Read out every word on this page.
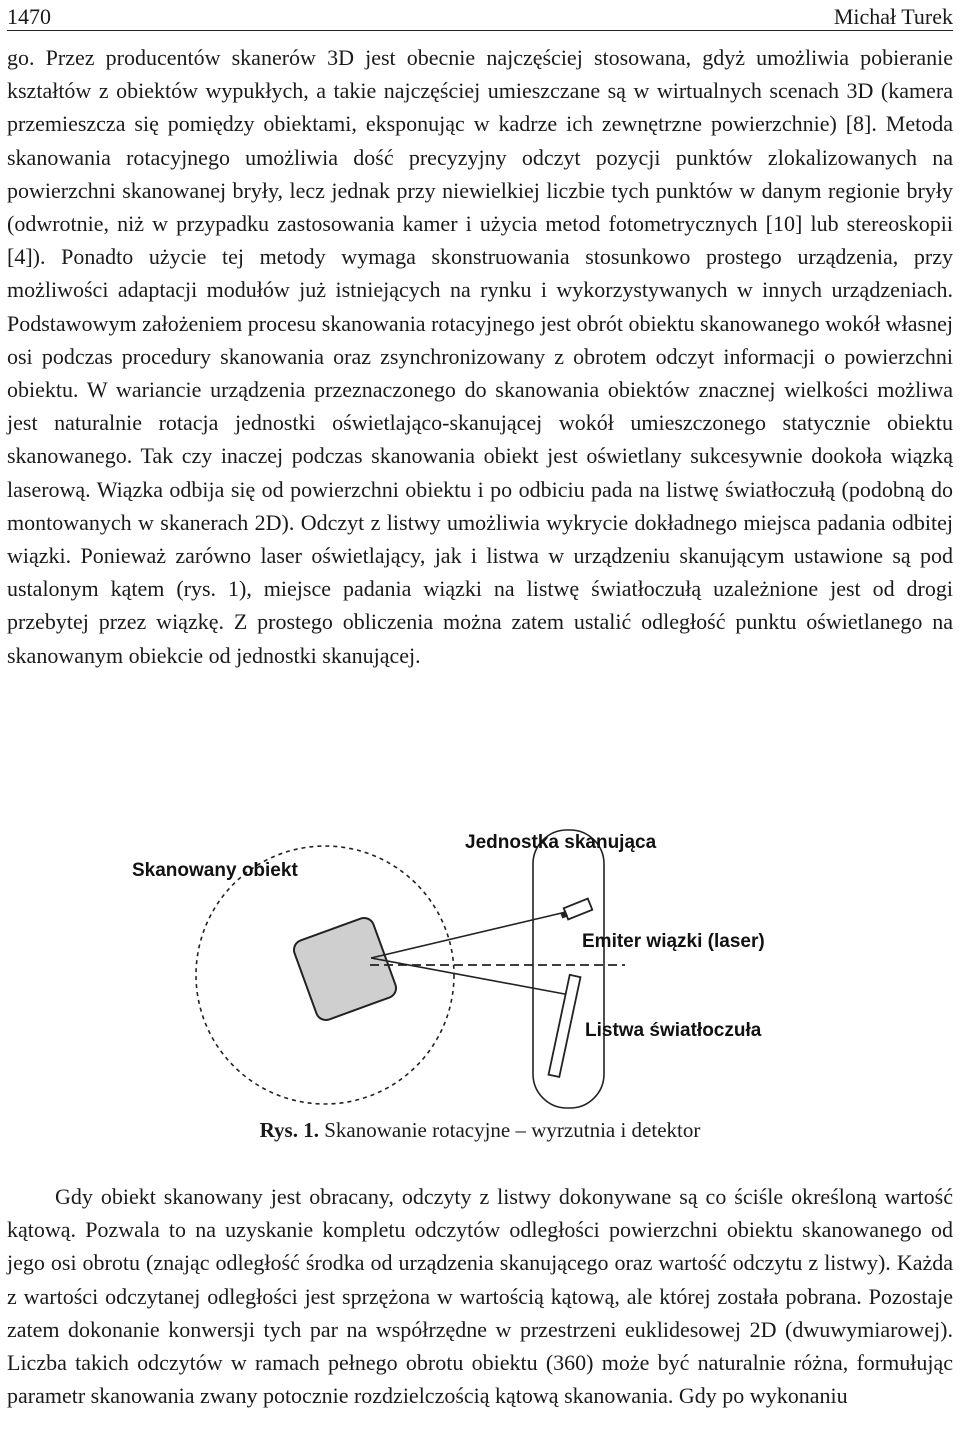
1470	Michał Turek

go. Przez producentów skanerów 3D jest obecnie najczęściej stosowana, gdyż umożliwia pobieranie kształtów z obiektów wypukłych, a takie najczęściej umieszczane są w wirtualnych scenach 3D (kamera przemieszcza się pomiędzy obiektami, eksponując w kadrze ich zewnętrzne powierzchnie) [8]. Metoda skanowania rotacyjnego umożliwia dość precyzyjny odczyt pozycji punktów zlokalizowanych na powierzchni skanowanej bryły, lecz jednak przy niewielkiej liczbie tych punktów w danym regionie bryły (odwrotnie, niż w przypadku zastosowania kamer i użycia metod fotometrycznych [10] lub stereoskopii [4]). Ponadto użycie tej metody wymaga skonstruowania stosunkowo prostego urządzenia, przy możliwości adaptacji modułów już istniejących na rynku i wykorzystywanych w innych urządzeniach. Podstawowym założeniem procesu skanowania rotacyjnego jest obrót obiektu skanowanego wokół własnej osi podczas procedury skanowania oraz zsynchronizowany z obrotem odczyt informacji o powierzchni obiektu. W wariancie urządzenia przeznaczonego do skanowania obiektów znacznej wielkości możliwa jest naturalnie rotacja jednostki oświetlająco-skanującej wokół umieszczonego statycznie obiektu skanowanego. Tak czy inaczej podczas skanowania obiekt jest oświetlany sukcesywnie dookoła wiązką laserową. Wiązka odbija się od powierzchni obiektu i po odbiciu pada na listwę światłoczułą (podobną do montowanych w skanerach 2D). Odczyt z listwy umożliwia wykrycie dokładnego miejsca padania odbitej wiązki. Ponieważ zarówno laser oświetlający, jak i listwa w urządzeniu skanującym ustawione są pod ustalonym kątem (rys. 1), miejsce padania wiązki na listwę światłoczułą uzależnione jest od drogi przebytej przez wiązkę. Z prostego obliczenia można zatem ustalić odległość punktu oświetlanego na skanowanym obiekcie od jednostki skanującej.

Skanowany obiekt
Jednostka skanująca
Emiter wiązki (laser)
Listwa światłoczuła

Rys. 1. Skanowanie rotacyjne – wyrzutnia i detektor

Gdy obiekt skanowany jest obracany, odczyty z listwy dokonywane są co ściśle określoną wartość kątową. Pozwala to na uzyskanie kompletu odczytów odległości powierzchni obiektu skanowanego od jego osi obrotu (znając odległość środka od urządzenia skanującego oraz wartość odczytu z listwy). Każda z wartości odczytanej odległości jest sprzężona w wartością kątową, ale której została pobrana. Pozostaje zatem dokonanie konwersji tych par na współrzędne w przestrzeni euklidesowej 2D (dwuwymiarowej). Liczba takich odczytów w ramach pełnego obrotu obiektu (360) może być naturalnie różna, formułując parametr skanowania zwany potocznie rozdzielczością kątową skanowania. Gdy po wykonaniu
